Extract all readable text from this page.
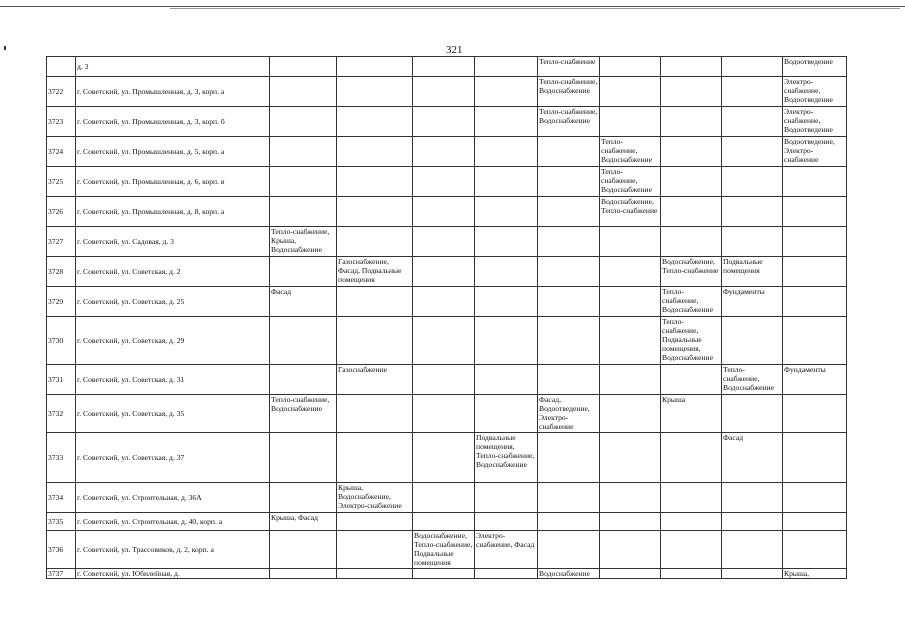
321
	д. 3					Тепло-снабжение				Водоотведение
3722	г. Советский, ул. Промышленная, д. 3, корп. а					Тепло-снабжение, Водоснабжение				Электро-снабжение, Водоотведение
3723	г. Советский, ул. Промышленная, д. 3, корп. б					Тепло-снабжение, Водоснабжение				Электро-снабжение, Водоотведение
3724	г. Советский, ул. Промышленная, д. 5, корп. а						Тепло-снабжение, Водоснабжение			Водоотведение, Электро-снабжение
3725	г. Советский, ул. Промышленная, д. 6, корп. в						Тепло-снабжение, Водоснабжение			
3726	г. Советский, ул. Промышленная, д. 8, корп. а						Водоснабжение, Тепло-снабжение			
3727	г. Советский, ул. Садовая, д. 3	Тепло-снабжение, Крыша, Водоснабжение								
3728	г. Советский, ул. Советская, д. 2		Газоснабжение, Фасад, Подвальные помещения					Водоснабжение, Тепло-снабжение	Подвальные помещения	
3729	г. Советский, ул. Советская, д. 25	Фасад						Тепло-снабжение, Водоснабжение	Фундаменты	
3730	г. Советский, ул. Советская, д. 29							Тепло-снабжение, Подвальные помещения, Водоснабжение		
3731	г. Советский, ул. Советская, д. 31		Газоснабжение						Тепло-снабжение, Водоснабжение	Фундаменты
3732	г. Советский, ул. Советская, д. 35	Тепло-снабжение, Водоснабжение				Фасад, Водоотведение, Электро-снабжение		Крыша		
3733	г. Советский, ул. Советская, д. 37				Подвальные помещения, Тепло-снабжение, Водоснабжение				Фасад	
3734	г. Советский, ул. Строительная, д. 36А		Крыша, Водоснабжение, Электро-снабжение							
3735	г. Советский, ул. Строительная, д. 40, корп. а	Крыша, Фасад								
3736	г. Советский, ул. Трассовиков, д. 2, корп. а			Водоснабжение, Тепло-снабжение, Подвальные помещения	Электро-снабжение, Фасад					
3737	г. Советский, ул. Юбилейная, д.					Водоснабжение				Крыша,
